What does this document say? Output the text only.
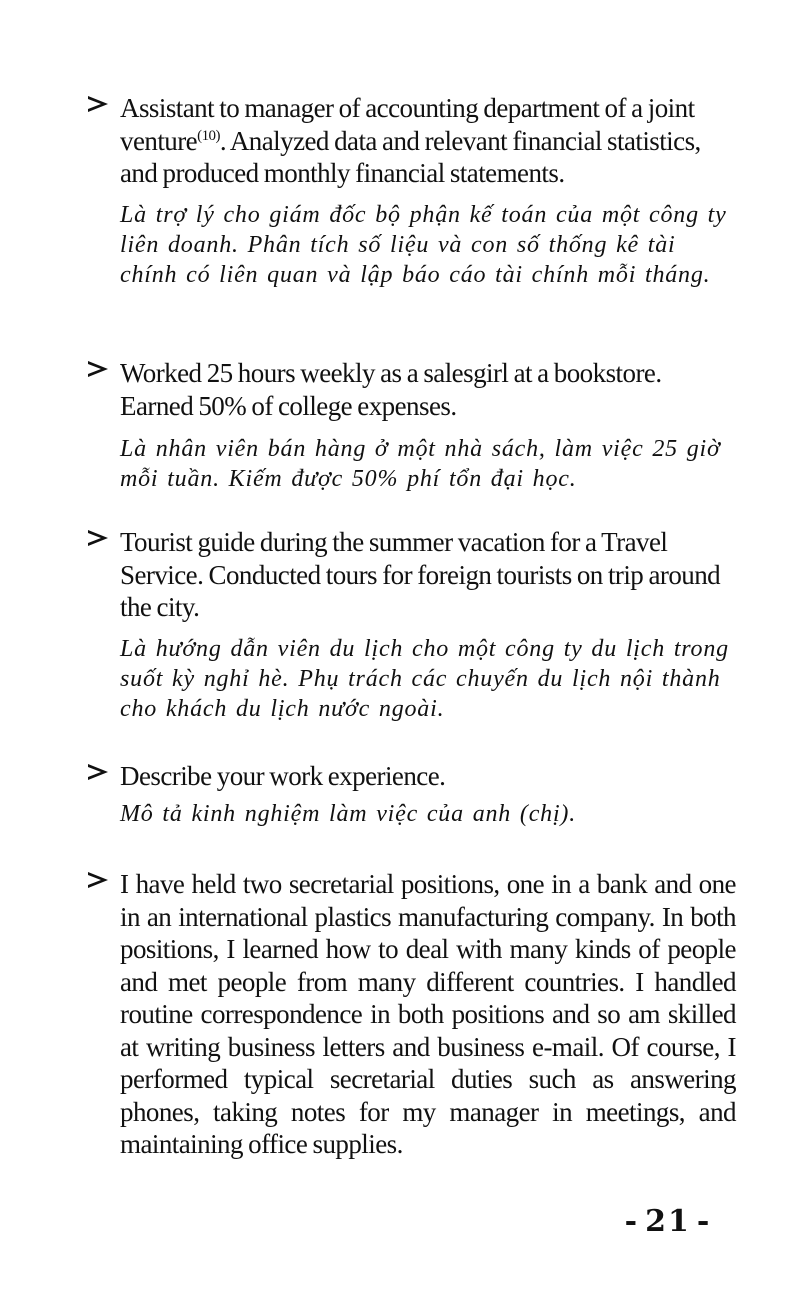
Assistant to manager of accounting department of a joint venture$^{(10)}$. Analyzed data and relevant financial statistics, and produced monthly financial statements.
Là trợ lý cho giám đốc bộ phận kế toán của một công ty liên doanh. Phân tích số liệu và con số thống kê tài chính có liên quan và lập báo cáo tài chính mỗi tháng.
Worked 25 hours weekly as a salesgirl at a bookstore. Earned 50% of college expenses.
Là nhân viên bán hàng ở một nhà sách, làm việc 25 giờ mỗi tuần. Kiếm được 50% phí tổn đại học.
Tourist guide during the summer vacation for a Travel Service. Conducted tours for foreign tourists on trip around the city.
Là hướng dẫn viên du lịch cho một công ty du lịch trong suốt kỳ nghỉ hè. Phụ trách các chuyến du lịch nội thành cho khách du lịch nước ngoài.
Describe your work experience.
Mô tả kinh nghiệm làm việc của anh (chị).
I have held two secretarial positions, one in a bank and one in an international plastics manufacturing company. In both positions, I learned how to deal with many kinds of people and met people from many different countries. I handled routine correspondence in both positions and so am skilled at writing business letters and business e-mail. Of course, I performed typical secretarial duties such as answering phones, taking notes for my manager in meetings, and maintaining office supplies.
- 21 -
